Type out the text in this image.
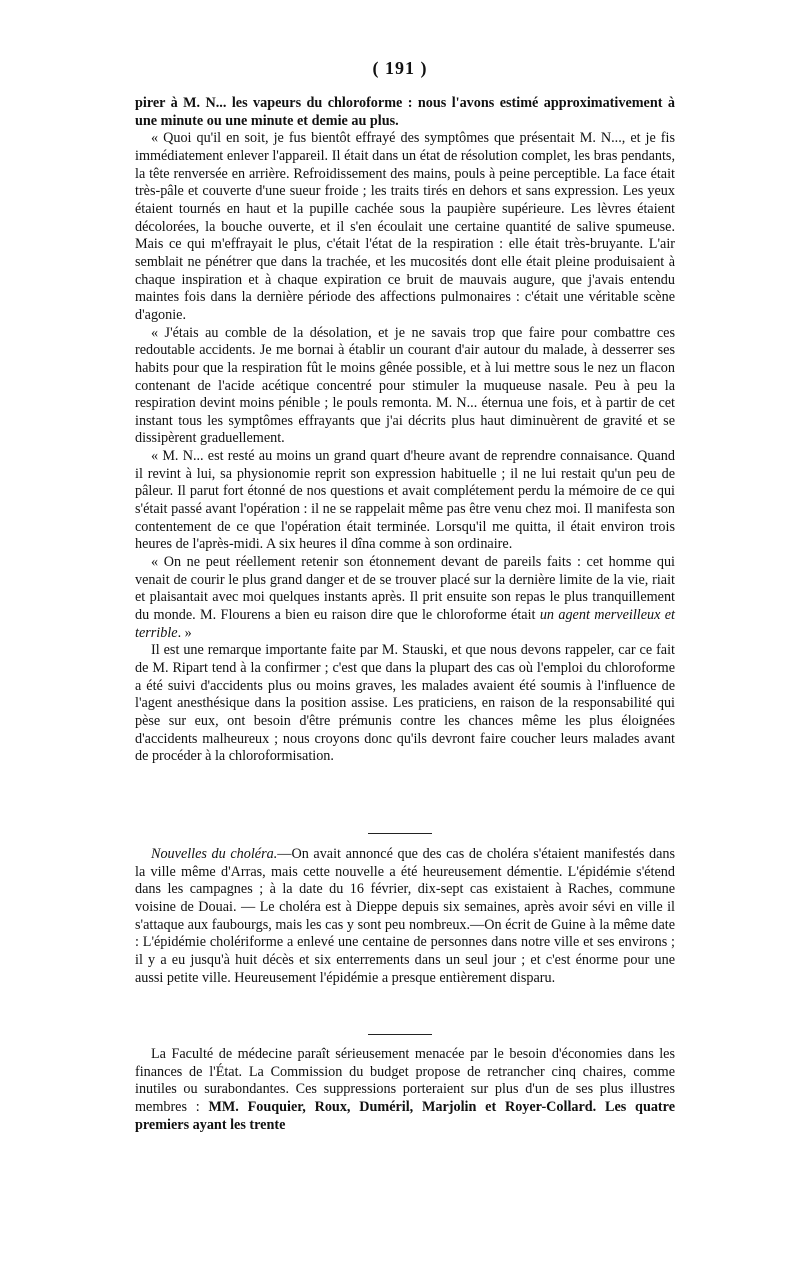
( 191 )

pirer à M. N... les vapeurs du chloroforme : nous l'avons estimé approximativement à une minute ou une minute et demie au plus.

« Quoi qu'il en soit, je fus bientôt effrayé des symptômes que présentait M. N..., et je fis immédiatement enlever l'appareil. Il était dans un état de résolution complet, les bras pendants, la tête renversée en arrière. Refroidissement des mains, pouls à peine perceptible. La face était très-pâle et couverte d'une sueur froide ; les traits tirés en dehors et sans expression. Les yeux étaient tournés en haut et la pupille cachée sous la paupière supérieure. Les lèvres étaient décolorées, la bouche ouverte, et il s'en écoulait une certaine quantité de salive spumeuse. Mais ce qui m'effrayait le plus, c'était l'état de la respiration : elle était très-bruyante. L'air semblait ne pénétrer que dans la trachée, et les mucosités dont elle était pleine produisaient à chaque inspiration et à chaque expiration ce bruit de mauvais augure, que j'avais entendu maintes fois dans la dernière période des affections pulmonaires : c'était une véritable scène d'agonie.

« J'étais au comble de la désolation, et je ne savais trop que faire pour combattre ces redoutable accidents. Je me bornai à établir un courant d'air autour du malade, à desserrer ses habits pour que la respiration fût le moins gênée possible, et à lui mettre sous le nez un flacon contenant de l'acide acétique concentré pour stimuler la muqueuse nasale. Peu à peu la respiration devint moins pénible ; le pouls remonta. M. N... éternua une fois, et à partir de cet instant tous les symptômes effrayants que j'ai décrits plus haut diminuèrent de gravité et se dissipèrent graduellement.

« M. N... est resté au moins un grand quart d'heure avant de reprendre connaisance. Quand il revint à lui, sa physionomie reprit son expression habituelle ; il ne lui restait qu'un peu de pâleur. Il parut fort étonné de nos questions et avait complétement perdu la mémoire de ce qui s'était passé avant l'opération : il ne se rappelait même pas être venu chez moi. Il manifesta son contentement de ce que l'opération était terminée. Lorsqu'il me quitta, il était environ trois heures de l'après-midi. A six heures il dîna comme à son ordinaire.

« On ne peut réellement retenir son étonnement devant de pareils faits : cet homme qui venait de courir le plus grand danger et de se trouver placé sur la dernière limite de la vie, riait et plaisantait avec moi quelques instants après. Il prit ensuite son repas le plus tranquillement du monde. M. Flourens a bien eu raison dire que le chloroforme était un agent merveilleux et terrible. »

Il est une remarque importante faite par M. Stauski, et que nous devons rappeler, car ce fait de M. Ripart tend à la confirmer ; c'est que dans la plupart des cas où l'emploi du chloroforme a été suivi d'accidents plus ou moins graves, les malades avaient été soumis à l'influence de l'agent anesthésique dans la position assise. Les praticiens, en raison de la responsabilité qui pèse sur eux, ont besoin d'être prémunis contre les chances même les plus éloignées d'accidents malheureux ; nous croyons donc qu'ils devront faire coucher leurs malades avant de procéder à la chloroformisation.

Nouvelles du choléra.—On avait annoncé que des cas de choléra s'étaient manifestés dans la ville même d'Arras, mais cette nouvelle a été heureusement démentie. L'épidémie s'étend dans les campagnes ; à la date du 16 février, dix-sept cas existaient à Raches, commune voisine de Douai. — Le choléra est à Dieppe depuis six semaines, après avoir sévi en ville il s'attaque aux faubourgs, mais les cas y sont peu nombreux.—On écrit de Guine à la même date : L'épidémie cholériforme a enlevé une centaine de personnes dans notre ville et ses environs ; il y a eu jusqu'à huit décès et six enterrements dans un seul jour ; et c'est énorme pour une aussi petite ville. Heureusement l'épidémie a presque entièrement disparu.

La Faculté de médecine paraît sérieusement menacée par le besoin d'économies dans les finances de l'État. La Commission du budget propose de retrancher cinq chaires, comme inutiles ou surabondantes. Ces suppressions porteraient sur plus d'un de ses plus illustres membres : MM. Fouquier, Roux, Duméril, Marjolin et Royer-Collard. Les quatre premiers ayant les trente
